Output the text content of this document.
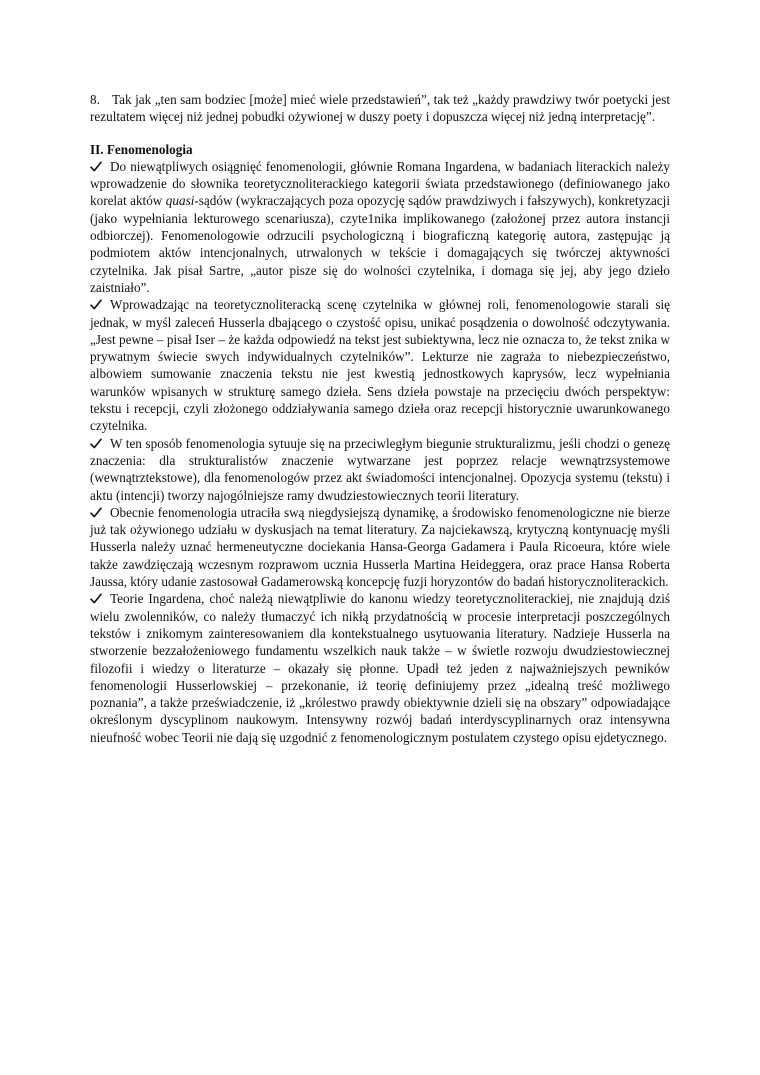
8. Tak jak „ten sam bodziec [może] mieć wiele przedstawień”, tak też „każdy prawdziwy twór poetycki jest rezultatem więcej niż jednej pobudki ożywionej w duszy poety i dopuszcza więcej niż jedną interpretację”.

II. Fenomenologia

Do niewątpliwych osiągnięć fenomenologii, głównie Romana Ingardena, w badaniach literackich należy wprowadzenie do słownika teoretycznoliterackiego kategorii świata przedstawionego (definiowanego jako korelat aktów quasi-sądów (wykraczających poza opozycję sądów prawdziwych i fałszywych), konkretyzacji (jako wypełniania lekturowego scenariusza), czyte1nika implikowanego (założonej przez autora instancji odbiorczej). Fenomenologowie odrzucili psychologiczną i biograficzną kategorię autora, zastępując ją podmiotem aktów intencjonalnych, utrwalonych w tekście i domagających się twórczej aktywności czytelnika. Jak pisał Sartre, „autor pisze się do wolności czytelnika, i domaga się jej, aby jego dzieło zaistniało”.

Wprowadzając na teoretycznoliteracką scenę czytelnika w głównej roli, fenomenologowie starali się jednak, w myśl zaleceń Husserla dbającego o czystość opisu, unikać posądzenia o dowolność odczytywania. „Jest pewne – pisał Iser – że każda odpowiedź na tekst jest subiektywna, lecz nie oznacza to, że tekst znika w prywatnym świecie swych indywidualnych czytelników”. Lekturze nie zagraża to niebezpieczeństwo, albowiem sumowanie znaczenia tekstu nie jest kwestią jednostkowych kaprysów, lecz wypełniania warunków wpisanych w strukturę samego dzieła. Sens dzieła powstaje na przecięciu dwóch perspektyw: tekstu i recepcji, czyli złożonego oddziaływania samego dzieła oraz recepcji historycznie uwarunkowanego czytelnika.

W ten sposób fenomenologia sytuuje się na przeciwległym biegunie strukturalizmu, jeśli chodzi o genezę znaczenia: dla strukturalistów znaczenie wytwarzane jest poprzez relacje wewnątrzsystemowe (wewnątrztekstowe), dla fenomenologów przez akt świadomości intencjonalnej. Opozycja systemu (tekstu) i aktu (intencji) tworzy najogólniejsze ramy dwudziestowiecznych teorii literatury.

Obecnie fenomenologia utraciła swą niegdysiejszą dynamikę, a środowisko fenomenologiczne nie bierze już tak ożywionego udziału w dyskusjach na temat literatury. Za najciekawszą, krytyczną kontynuację myśli Husserla należy uznać hermeneutyczne dociekania Hansa-Georga Gadamera i Paula Ricoeura, które wiele także zawdzięczają wczesnym rozprawom ucznia Husserla Martina Heideggera, oraz prace Hansa Roberta Jaussa, który udanie zastosował Gadamerowską koncepcję fuzji horyzontów do badań historycznoliterackich.

Teorie Ingardena, choć należą niewątpliwie do kanonu wiedzy teoretycznoliterackiej, nie znajdują dziś wielu zwolenników, co należy tłumaczyć ich nikłą przydatnością w procesie interpretacji poszczególnych tekstów i znikomym zainteresowaniem dla kontekstualnego usytuowania literatury. Nadzieje Husserla na stworzenie bezzałożeniowego fundamentu wszelkich nauk także – w świetle rozwoju dwudziestowiecznej filozofii i wiedzy o literaturze – okazały się płonne. Upadł też jeden z najważniejszych pewników fenomenologii Husserlowskiej – przekonanie, iż teorię definiujemy przez „idealną treść możliwego poznania”, a także przeświadczenie, iż „królestwo prawdy obiektywnie dzieli się na obszary” odpowiadające określonym dyscyplinom naukowym. Intensywny rozwój badań interdyscyplinarnych oraz intensywna nieufność wobec Teorii nie dają się uzgodnić z fenomenologicznym postulatem czystego opisu ejdetycznego.
